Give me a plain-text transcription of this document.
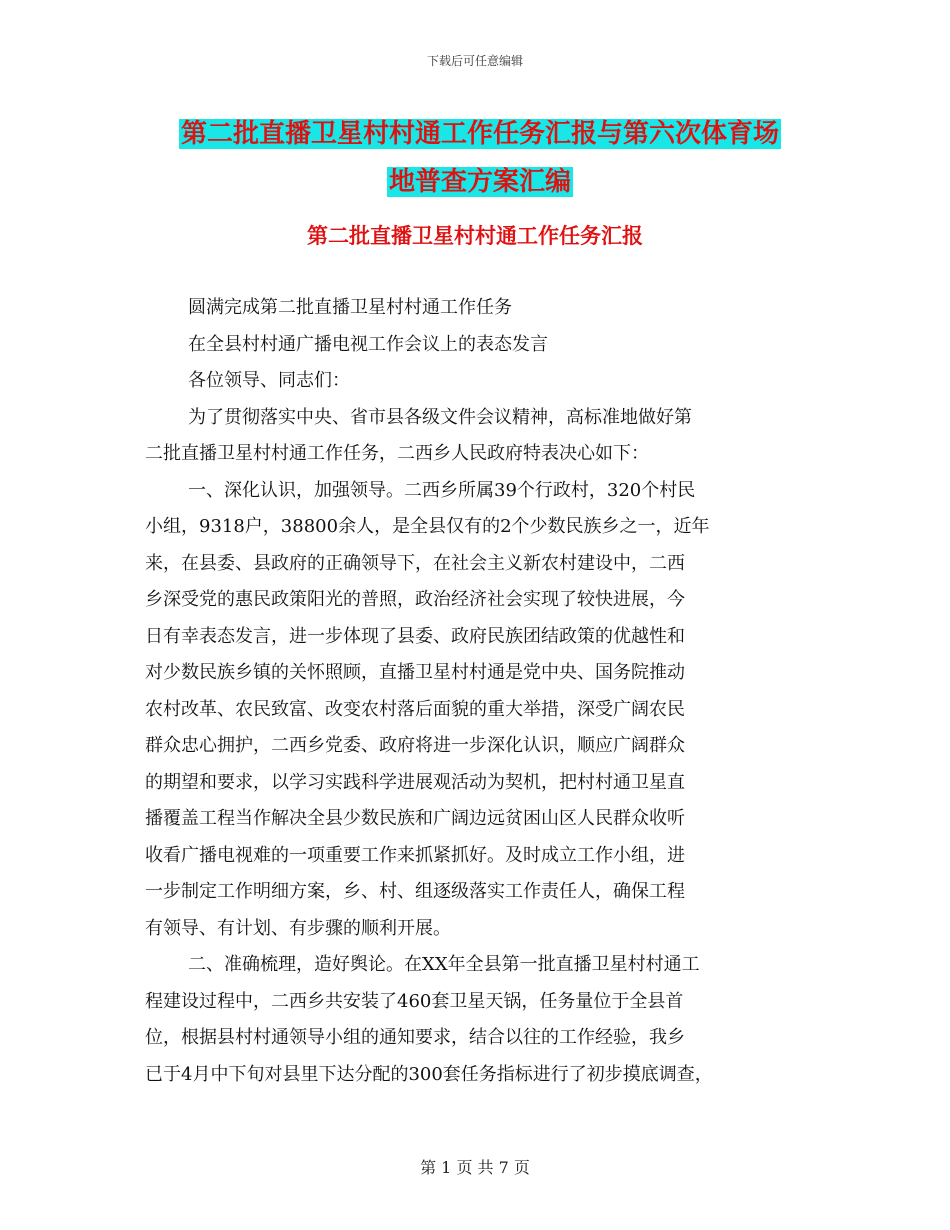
下载后可任意编辑
第二批直播卫星村村通工作任务汇报与第六次体育场
地普查方案汇编
第二批直播卫星村村通工作任务汇报
圆满完成第二批直播卫星村村通工作任务
在全县村村通广播电视工作会议上的表态发言
各位领导、同志们：
为了贯彻落实中央、省市县各级文件会议精神，高标准地做好第
二批直播卫星村村通工作任务，二西乡人民政府特表决心如下：
一、深化认识，加强领导。二西乡所属39个行政村，320个村民
小组，9318户，38800余人，是全县仅有的2个少数民族乡之一，近年
来，在县委、县政府的正确领导下，在社会主义新农村建设中，二西
乡深受党的惠民政策阳光的普照，政治经济社会实现了较快进展，今
日有幸表态发言，进一步体现了县委、政府民族团结政策的优越性和
对少数民族乡镇的关怀照顾，直播卫星村村通是党中央、国务院推动
农村改革、农民致富、改变农村落后面貌的重大举措，深受广阔农民
群众忠心拥护，二西乡党委、政府将进一步深化认识，顺应广阔群众
的期望和要求，以学习实践科学进展观活动为契机，把村村通卫星直
播覆盖工程当作解决全县少数民族和广阔边远贫困山区人民群众收听
收看广播电视难的一项重要工作来抓紧抓好。及时成立工作小组，进
一步制定工作明细方案，乡、村、组逐级落实工作责任人，确保工程
有领导、有计划、有步骤的顺利开展。
二、准确梳理，造好舆论。在XX年全县第一批直播卫星村村通工
程建设过程中，二西乡共安装了460套卫星天锅，任务量位于全县首
位，根据县村村通领导小组的通知要求，结合以往的工作经验，我乡
已于4月中下旬对县里下达分配的300套任务指标进行了初步摸底调查，
第 1 页 共 7 页
